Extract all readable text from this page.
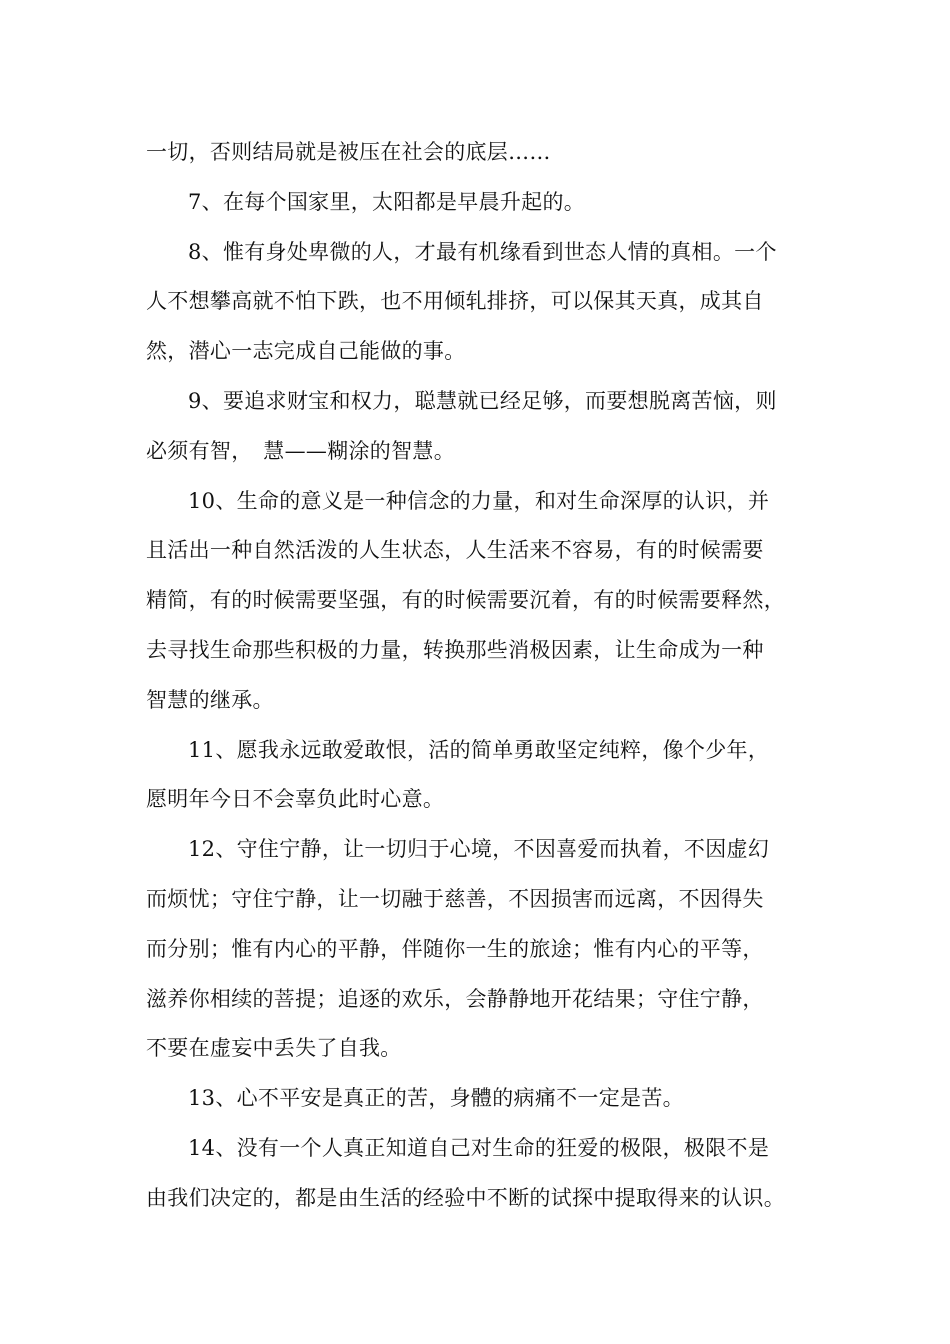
一切，否则结局就是被压在社会的底层……
7、在每个国家里，太阳都是早晨升起的。
8、惟有身处卑微的人，才最有机缘看到世态人情的真相。一个
人不想攀高就不怕下跌，也不用倾轧排挤，可以保其天真，成其自
然，潜心一志完成自己能做的事。
9、要追求财宝和权力，聪慧就已经足够，而要想脱离苦恼，则
必须有智，　慧——糊涂的智慧。
10、生命的意义是一种信念的力量，和对生命深厚的认识，并
且活出一种自然活泼的人生状态，人生活来不容易，有的时候需要
精简，有的时候需要坚强，有的时候需要沉着，有的时候需要释然，
去寻找生命那些积极的力量，转换那些消极因素，让生命成为一种
智慧的继承。
11、愿我永远敢爱敢恨，活的简单勇敢坚定纯粹，像个少年，
愿明年今日不会辜负此时心意。
12、守住宁静，让一切归于心境，不因喜爱而执着，不因虚幻
而烦忧；守住宁静，让一切融于慈善，不因损害而远离，不因得失
而分别；惟有内心的平静，伴随你一生的旅途；惟有内心的平等，
滋养你相续的菩提；追逐的欢乐，会静静地开花结果；守住宁静，
不要在虚妄中丢失了自我。
13、心不平安是真正的苦，身體的病痛不一定是苦。
14、没有一个人真正知道自己对生命的狂爱的极限，极限不是
由我们决定的，都是由生活的经验中不断的试探中提取得来的认识。
